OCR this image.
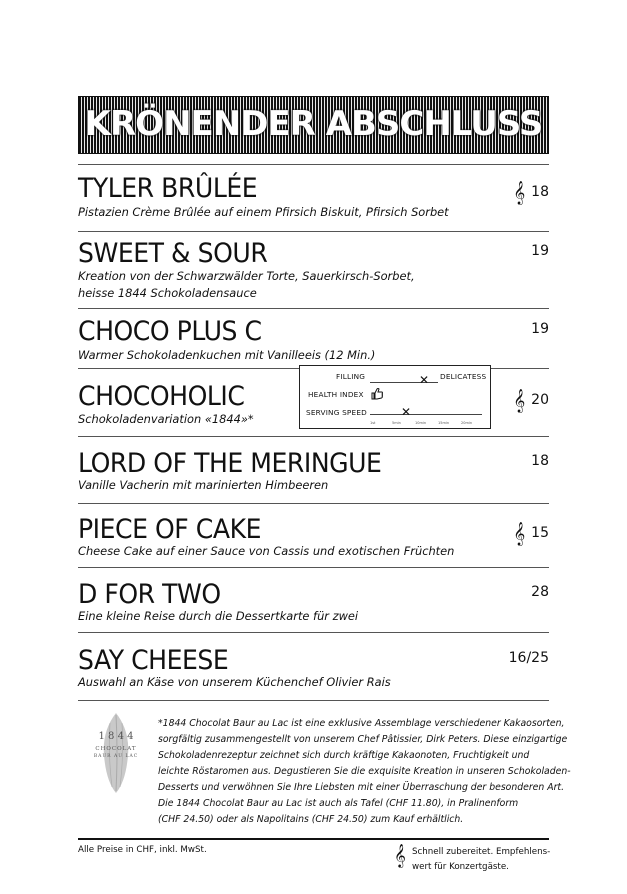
KRÖNENDER ABSCHLUSS
TYLER BRÛLÉE
Pistazien Crème Brûlée auf einem Pfirsich Biskuit, Pfirsich Sorbet
𝄞 18
SWEET & SOUR
Kreation von der Schwarzwälder Torte, Sauerkirsch-Sorbet,
heisse 1844 Schokoladensauce
19
CHOCO PLUS C
Warmer Schokoladenkuchen mit Vanilleeis (12 Min.)
19
CHOCOHOLIC
Schokoladenvariation «1844»*
𝄞 20
FILLING	DELICATESS
✕
HEALTH INDEX
SERVING SPEED	✕
1st	5min	10min	15min	20min
LORD OF THE MERINGUE
Vanille Vacherin mit marinierten Himbeeren
18
PIECE OF CAKE
Cheese Cake auf einer Sauce von Cassis und exotischen Früchten
𝄞 15
D FOR TWO
Eine kleine Reise durch die Dessertkarte für zwei
28
SAY CHEESE
Auswahl an Käse von unserem Küchenchef Olivier Rais
16/25
1 8 4 4
CHOCOLAT
BAUR AU LAC
*1844 Chocolat Baur au Lac ist eine exklusive Assemblage verschiedener Kakaosorten,
sorgfältig zusammengestellt von unserem Chef Pâtissier, Dirk Peters. Diese einzigartige
Schokoladenrezeptur zeichnet sich durch kräftige Kakaonoten, Fruchtigkeit und
leichte Röstaromen aus. Degustieren Sie die exquisite Kreation in unseren Schokoladen-
Desserts und verwöhnen Sie Ihre Liebsten mit einer Überraschung der besonderen Art.
Die 1844 Chocolat Baur au Lac ist auch als Tafel (CHF 11.80), in Pralinenform
(CHF 24.50) oder als Napolitains (CHF 24.50) zum Kauf erhältlich.
Alle Preise in CHF, inkl. MwSt.	𝄞 Schnell zubereitet. Empfehlens-
wert für Konzertgäste.
